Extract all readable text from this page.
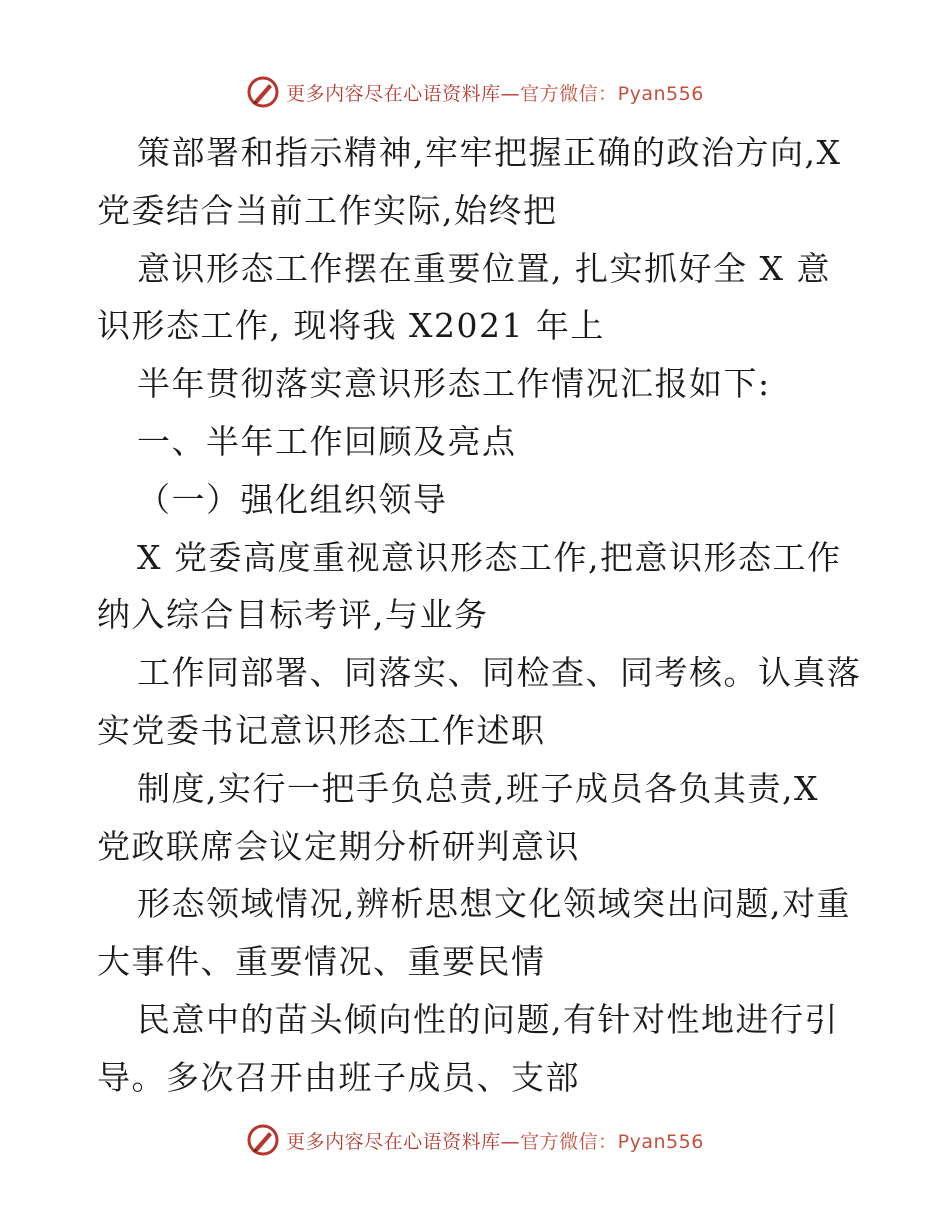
更多内容尽在心语资料库—官方微信：Pyan556

策部署和指示精神,牢牢把握正确的政治方向,X
党委结合当前工作实际,始终把

意识形态工作摆在重要位置, 扎实抓好全 X 意
识形态工作, 现将我 X2021 年上

半年贯彻落实意识形态工作情况汇报如下:

一、半年工作回顾及亮点

（一）强化组织领导

X 党委高度重视意识形态工作,把意识形态工作
纳入综合目标考评,与业务

工作同部署、同落实、同检查、同考核。认真落
实党委书记意识形态工作述职

制度,实行一把手负总责,班子成员各负其责,X
党政联席会议定期分析研判意识

形态领域情况,辨析思想文化领域突出问题,对重
大事件、重要情况、重要民情

民意中的苗头倾向性的问题,有针对性地进行引
导。多次召开由班子成员、支部

更多内容尽在心语资料库—官方微信：Pyan556
